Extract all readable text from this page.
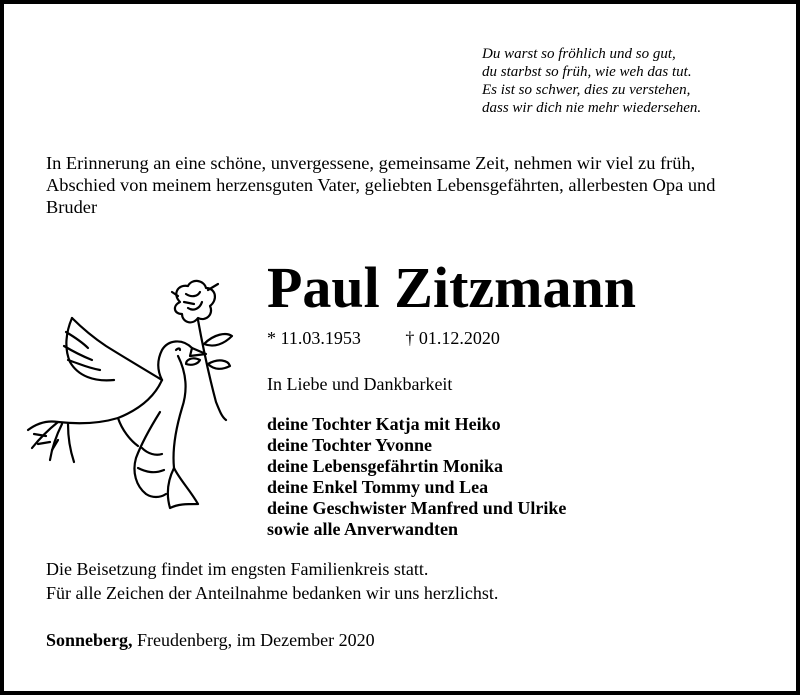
Du warst so fröhlich und so gut,
du starbst so früh, wie weh das tut.
Es ist so schwer, dies zu verstehen,
dass wir dich nie mehr wiedersehen.
In Erinnerung an eine schöne, unvergessene, gemeinsame Zeit, nehmen wir viel zu früh, Abschied von meinem herzensguten Vater, geliebten Lebensgefährten, allerbesten Opa und Bruder
Paul Zitzmann
* 11.03.1953 † 01.12.2020
In Liebe und Dankbarkeit
deine Tochter Katja mit Heiko
deine Tochter Yvonne
deine Lebensgefährtin Monika
deine Enkel Tommy und Lea
deine Geschwister Manfred und Ulrike
sowie alle Anverwandten
Die Beisetzung findet im engsten Familienkreis statt.
Für alle Zeichen der Anteilnahme bedanken wir uns herzlichst.
Sonneberg, Freudenberg, im Dezember 2020
